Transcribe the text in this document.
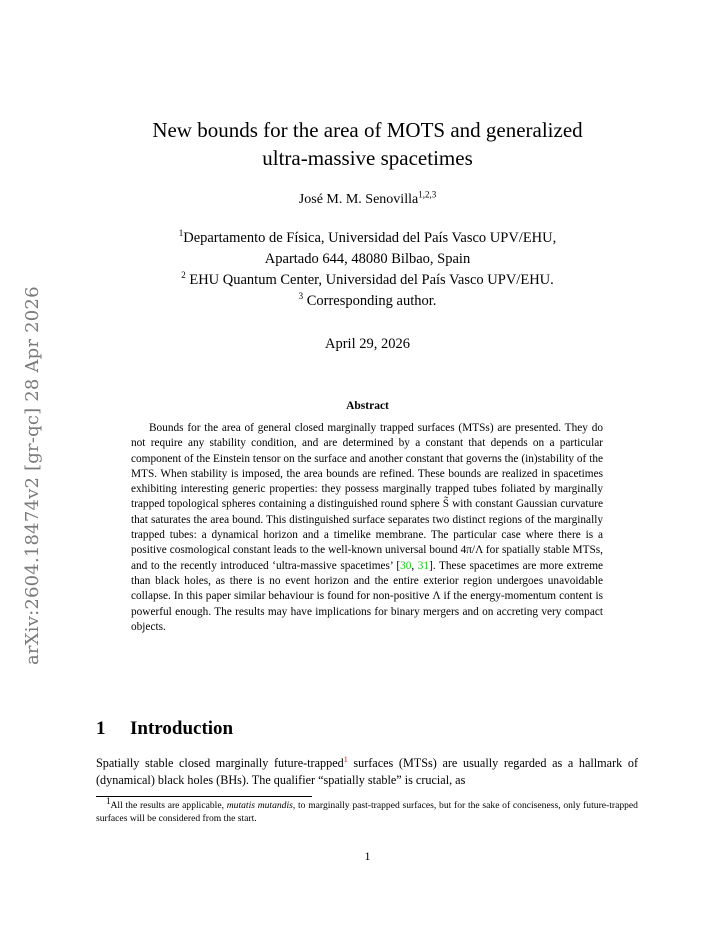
arXiv:2604.18474v2 [gr-qc] 28 Apr 2026
New bounds for the area of MOTS and generalized
ultra-massive spacetimes
José M. M. Senovilla$^{1,2,3}$
$^1$Departamento de Física, Universidad del País Vasco UPV/EHU,
Apartado 644, 48080 Bilbao, Spain
$^2$ EHU Quantum Center, Universidad del País Vasco UPV/EHU.
$^3$ Corresponding author.
April 29, 2026
Abstract

Bounds for the area of general closed marginally trapped surfaces (MTSs) are presented. They do not require any stability condition, and are determined by a constant that depends on a particular component of the Einstein tensor on the surface and another constant that governs the (in)stability of the MTS. When stability is imposed, the area bounds are refined. These bounds are realized in spacetimes exhibiting interesting generic properties: they possess marginally trapped tubes foliated by marginally trapped topological spheres containing a distinguished round sphere S̃ with constant Gaussian curvature that saturates the area bound. This distinguished surface separates two distinct regions of the marginally trapped tubes: a dynamical horizon and a timelike membrane. The particular case where there is a positive cosmological constant leads to the well-known universal bound 4π/Λ for spatially stable MTSs, and to the recently introduced ‘ultra-massive spacetimes’ [30, 31]. These spacetimes are more extreme than black holes, as there is no event horizon and the entire exterior region undergoes unavoidable collapse. In this paper similar behaviour is found for non-positive Λ if the energy-momentum content is powerful enough. The results may have implications for binary mergers and on accreting very compact objects.

1 Introduction

Spatially stable closed marginally future-trapped$^1$ surfaces (MTSs) are usually regarded as a hallmark of (dynamical) black holes (BHs). The qualifier “spatially stable” is crucial, as

$^1$All the results are applicable, mutatis mutandis, to marginally past-trapped surfaces, but for the sake of conciseness, only future-trapped surfaces will be considered from the start.

1
